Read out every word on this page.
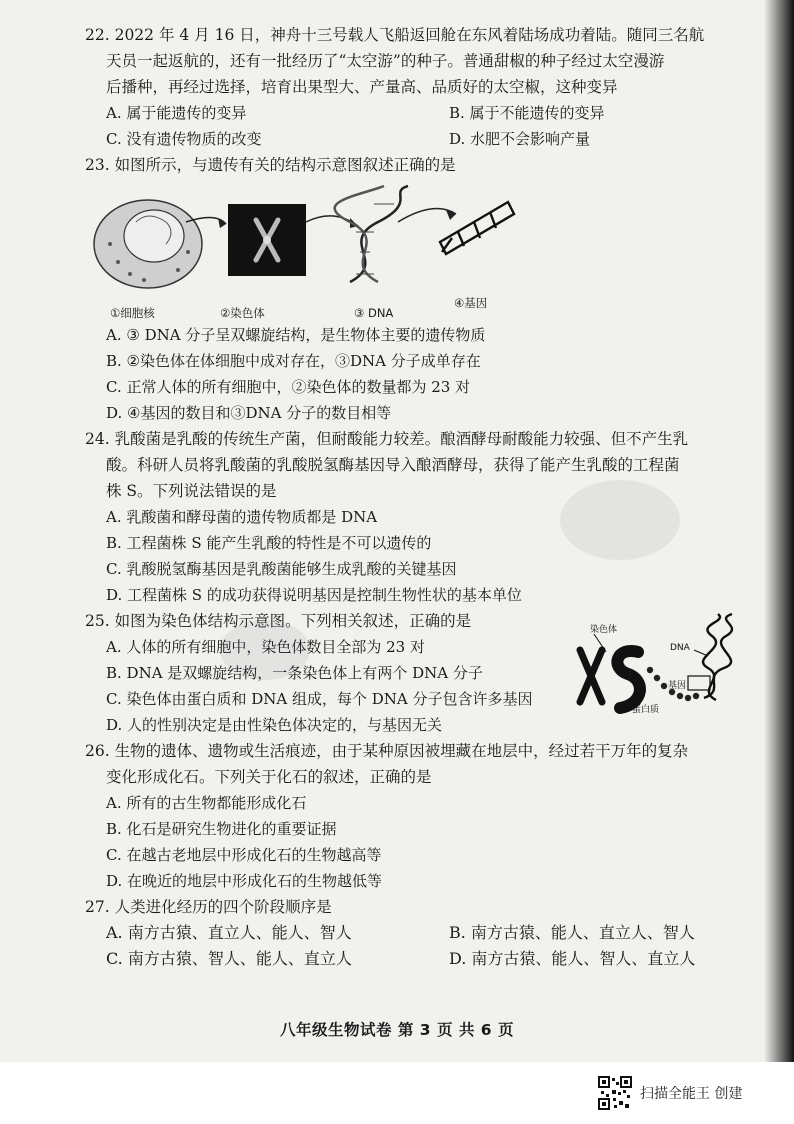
22. 2022 年 4 月 16 日，神舟十三号载人飞船返回舱在东风着陆场成功着陆。随同三名航
天员一起返航的，还有一批经历了“太空游”的种子。普通甜椒的种子经过太空漫游
后播种，再经过选择，培育出果型大、产量高、品质好的太空椒，这种变异
A. 属于能遗传的变异	B. 属于不能遗传的变异
C. 没有遗传物质的改变	D. 水肥不会影响产量
23. 如图所示，与遗传有关的结构示意图叙述正确的是
①细胞核	②染色体	③ DNA
④基因
A. ③ DNA 分子呈双螺旋结构，是生物体主要的遗传物质
B. ②染色体在体细胞中成对存在，③DNA 分子成单存在
C. 正常人体的所有细胞中，②染色体的数量都为 23 对
D. ④基因的数目和③DNA 分子的数目相等
24. 乳酸菌是乳酸的传统生产菌，但耐酸能力较差。酿酒酵母耐酸能力较强、但不产生乳
酸。科研人员将乳酸菌的乳酸脱氢酶基因导入酿酒酵母，获得了能产生乳酸的工程菌
株 S。下列说法错误的是
A. 乳酸菌和酵母菌的遗传物质都是 DNA
B. 工程菌株 S 能产生乳酸的特性是不可以遗传的
C. 乳酸脱氢酶基因是乳酸菌能够生成乳酸的关键基因
D. 工程菌株 S 的成功获得说明基因是控制生物性状的基本单位
25. 如图为染色体结构示意图。下列相关叙述，正确的是
A. 人体的所有细胞中，染色体数目全部为 23 对
B. DNA 是双螺旋结构，一条染色体上有两个 DNA 分子
C. 染色体由蛋白质和 DNA 组成，每个 DNA 分子包含许多基因
D. 人的性别决定是由性染色体决定的，与基因无关
染色体
DNA
基因
蛋白质
26. 生物的遗体、遗物或生活痕迹，由于某种原因被埋藏在地层中，经过若干万年的复杂
变化形成化石。下列关于化石的叙述，正确的是
A. 所有的古生物都能形成化石
B. 化石是研究生物进化的重要证据
C. 在越古老地层中形成化石的生物越高等
D. 在晚近的地层中形成化石的生物越低等
27. 人类进化经历的四个阶段顺序是
A. 南方古猿、直立人、能人、智人	B. 南方古猿、能人、直立人、智人
C. 南方古猿、智人、能人、直立人	D. 南方古猿、能人、智人、直立人
八年级生物试卷 第 3 页 共 6 页
扫描全能王 创建
